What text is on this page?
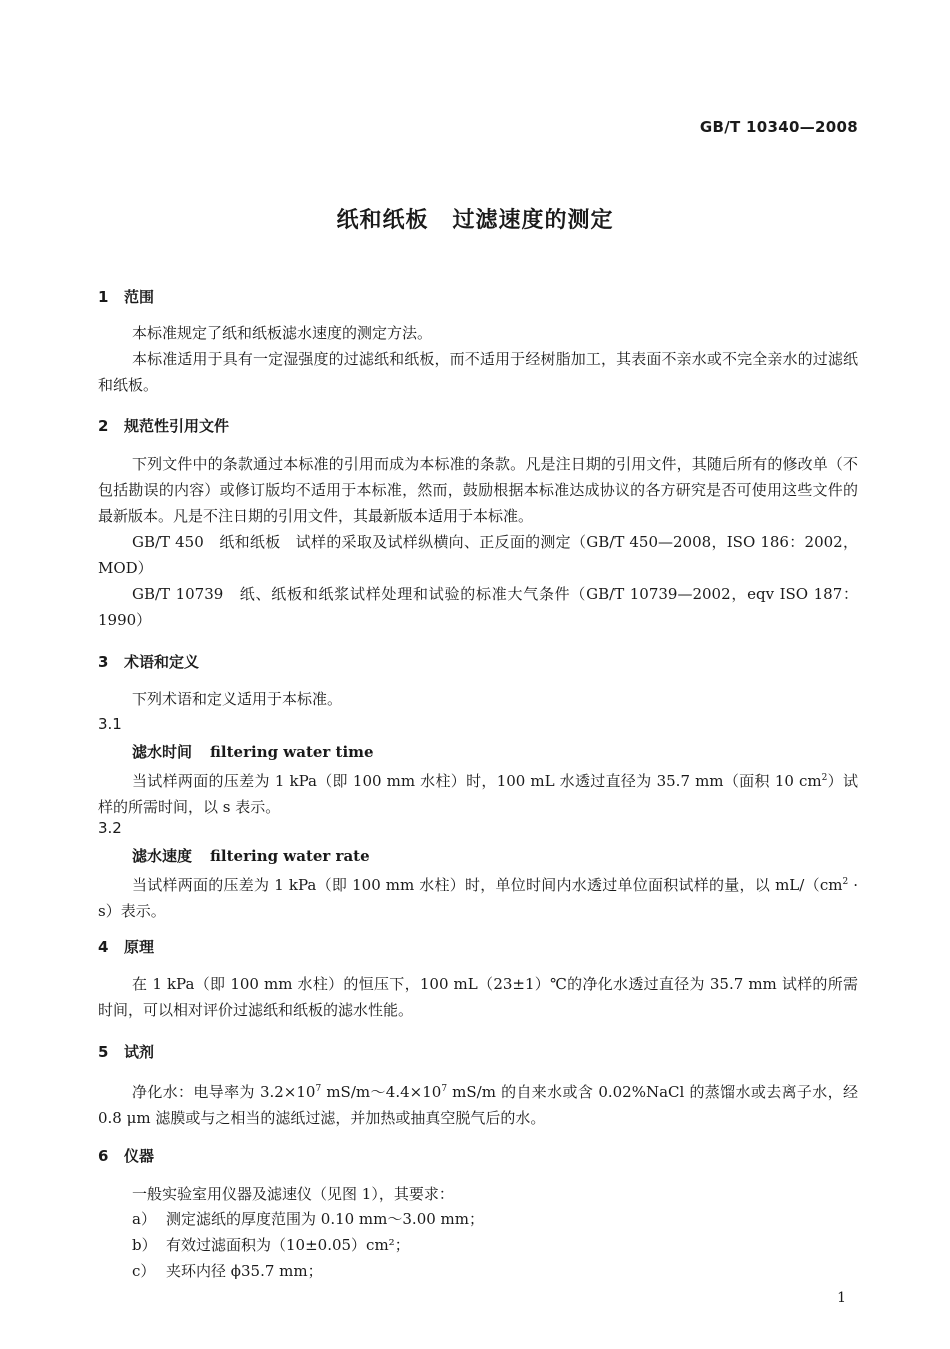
GB/T 10340—2008
纸和纸板 过滤速度的测定
1 范围
本标准规定了纸和纸板滤水速度的测定方法。
本标准适用于具有一定湿强度的过滤纸和纸板，而不适用于经树脂加工，其表面不亲水或不完全亲水的过滤纸和纸板。
2 规范性引用文件
下列文件中的条款通过本标准的引用而成为本标准的条款。凡是注日期的引用文件，其随后所有的修改单（不包括勘误的内容）或修订版均不适用于本标准，然而，鼓励根据本标准达成协议的各方研究是否可使用这些文件的最新版本。凡是不注日期的引用文件，其最新版本适用于本标准。
GB/T 450　纸和纸板　试样的采取及试样纵横向、正反面的测定（GB/T 450—2008，ISO 186：2002，MOD）
GB/T 10739　纸、纸板和纸浆试样处理和试验的标准大气条件（GB/T 10739—2002，eqv ISO 187：1990）
3 术语和定义
下列术语和定义适用于本标准。
3.1
滤水时间 filtering water time
当试样两面的压差为 1 kPa（即 100 mm 水柱）时，100 mL 水透过直径为 35.7 mm（面积 10 $cm^2$）试样的所需时间，以 s 表示。
3.2
滤水速度 filtering water rate
当试样两面的压差为 1 kPa（即 100 mm 水柱）时，单位时间内水透过单位面积试样的量，以 $mL/(cm^2 \cdot s)$表示。
4 原理
在 1 kPa（即 100 mm 水柱）的恒压下，100 mL（23±1）℃的净化水透过直径为 35.7 mm 试样的所需时间，可以相对评价过滤纸和纸板的滤水性能。
5 试剂
净化水：电导率为 $3.2\times 10^7$ $mS/m\sim 4.4\times 10^7$ mS/m 的自来水或含 0.02%NaCl 的蒸馏水或去离子水，经 0.8 μm 滤膜或与之相当的滤纸过滤，并加热或抽真空脱气后的水。
6 仪器
一般实验室用仪器及滤速仪（见图 1），其要求：
a） 测定滤纸的厚度范围为 0.10 mm～3.00 mm；
b） 有效过滤面积为（10±0.05）cm²；
c） 夹环内径 ϕ35.7 mm；
1
